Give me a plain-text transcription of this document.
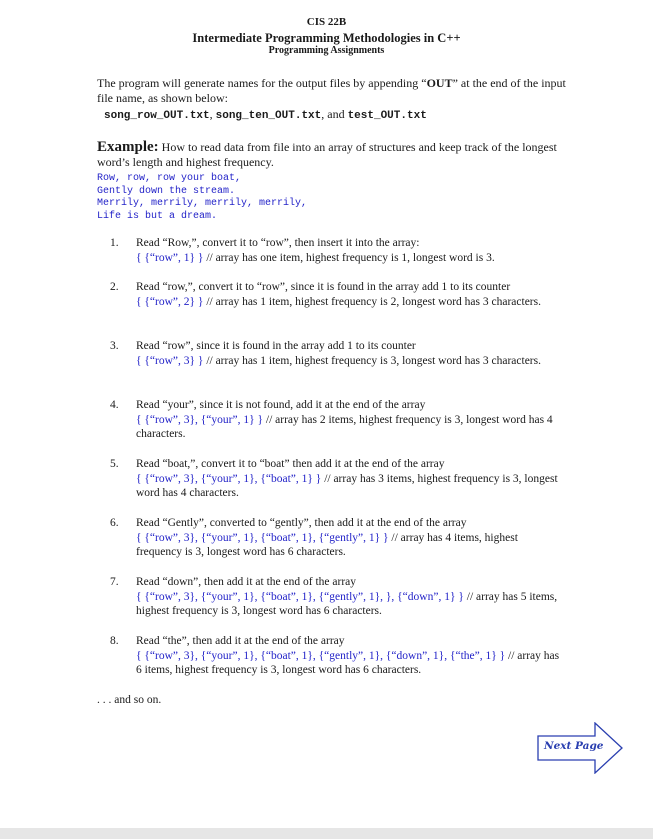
CIS 22B
Intermediate Programming Methodologies in C++
Programming Assignments
The program will generate names for the output files by appending “OUT” at the end of the input file name, as shown below:
song_row_OUT.txt, song_ten_OUT.txt, and test_OUT.txt
Example: How to read data from file into an array of structures and keep track of the longest word’s length and highest frequency.
Row, row, row your boat,
Gently down the stream.
Merrily, merrily, merrily, merrily,
Life is but a dream.
1. Read “Row,”, convert it to “row”, then insert it into the array:
{ {“row”, 1} } // array has one item, highest frequency is 1, longest word is 3.
2. Read “row,”, convert it to “row”, since it is found in the array add 1 to its counter
{ {“row”, 2} } // array has 1 item, highest frequency is 2, longest word has 3 characters.
3. Read “row”, since it is found in the array add 1 to its counter
{ {“row”, 3} } // array has 1 item, highest frequency is 3, longest word has 3 characters.
4. Read “your”, since it is not found, add it at the end of the array
{ {“row”, 3}, {“your”, 1} } // array has 2 items, highest frequency is 3, longest word has 4 characters.
5. Read “boat,”, convert it to “boat” then add it at the end of the array
{ {“row”, 3}, {“your”, 1}, {“boat”, 1} } // array has 3 items, highest frequency is 3, longest word has 4 characters.
6. Read “Gently”, converted to “gently”, then add it at the end of the array
{ {“row”, 3}, {“your”, 1}, {“boat”, 1}, {“gently”, 1} } // array has 4 items, highest frequency is 3, longest word has 6 characters.
7. Read “down”, then add it at the end of the array
{ {“row”, 3}, {“your”, 1}, {“boat”, 1}, {“gently”, 1}, }, {“down”, 1} } // array has 5 items, highest frequency is 3, longest word has 6 characters.
8. Read “the”, then add it at the end of the array
{ {“row”, 3}, {“your”, 1}, {“boat”, 1}, {“gently”, 1}, {“down”, 1}, {“the”, 1} } // array has 6 items, highest frequency is 3, longest word has 6 characters.
. . . and so on.
Next Page
